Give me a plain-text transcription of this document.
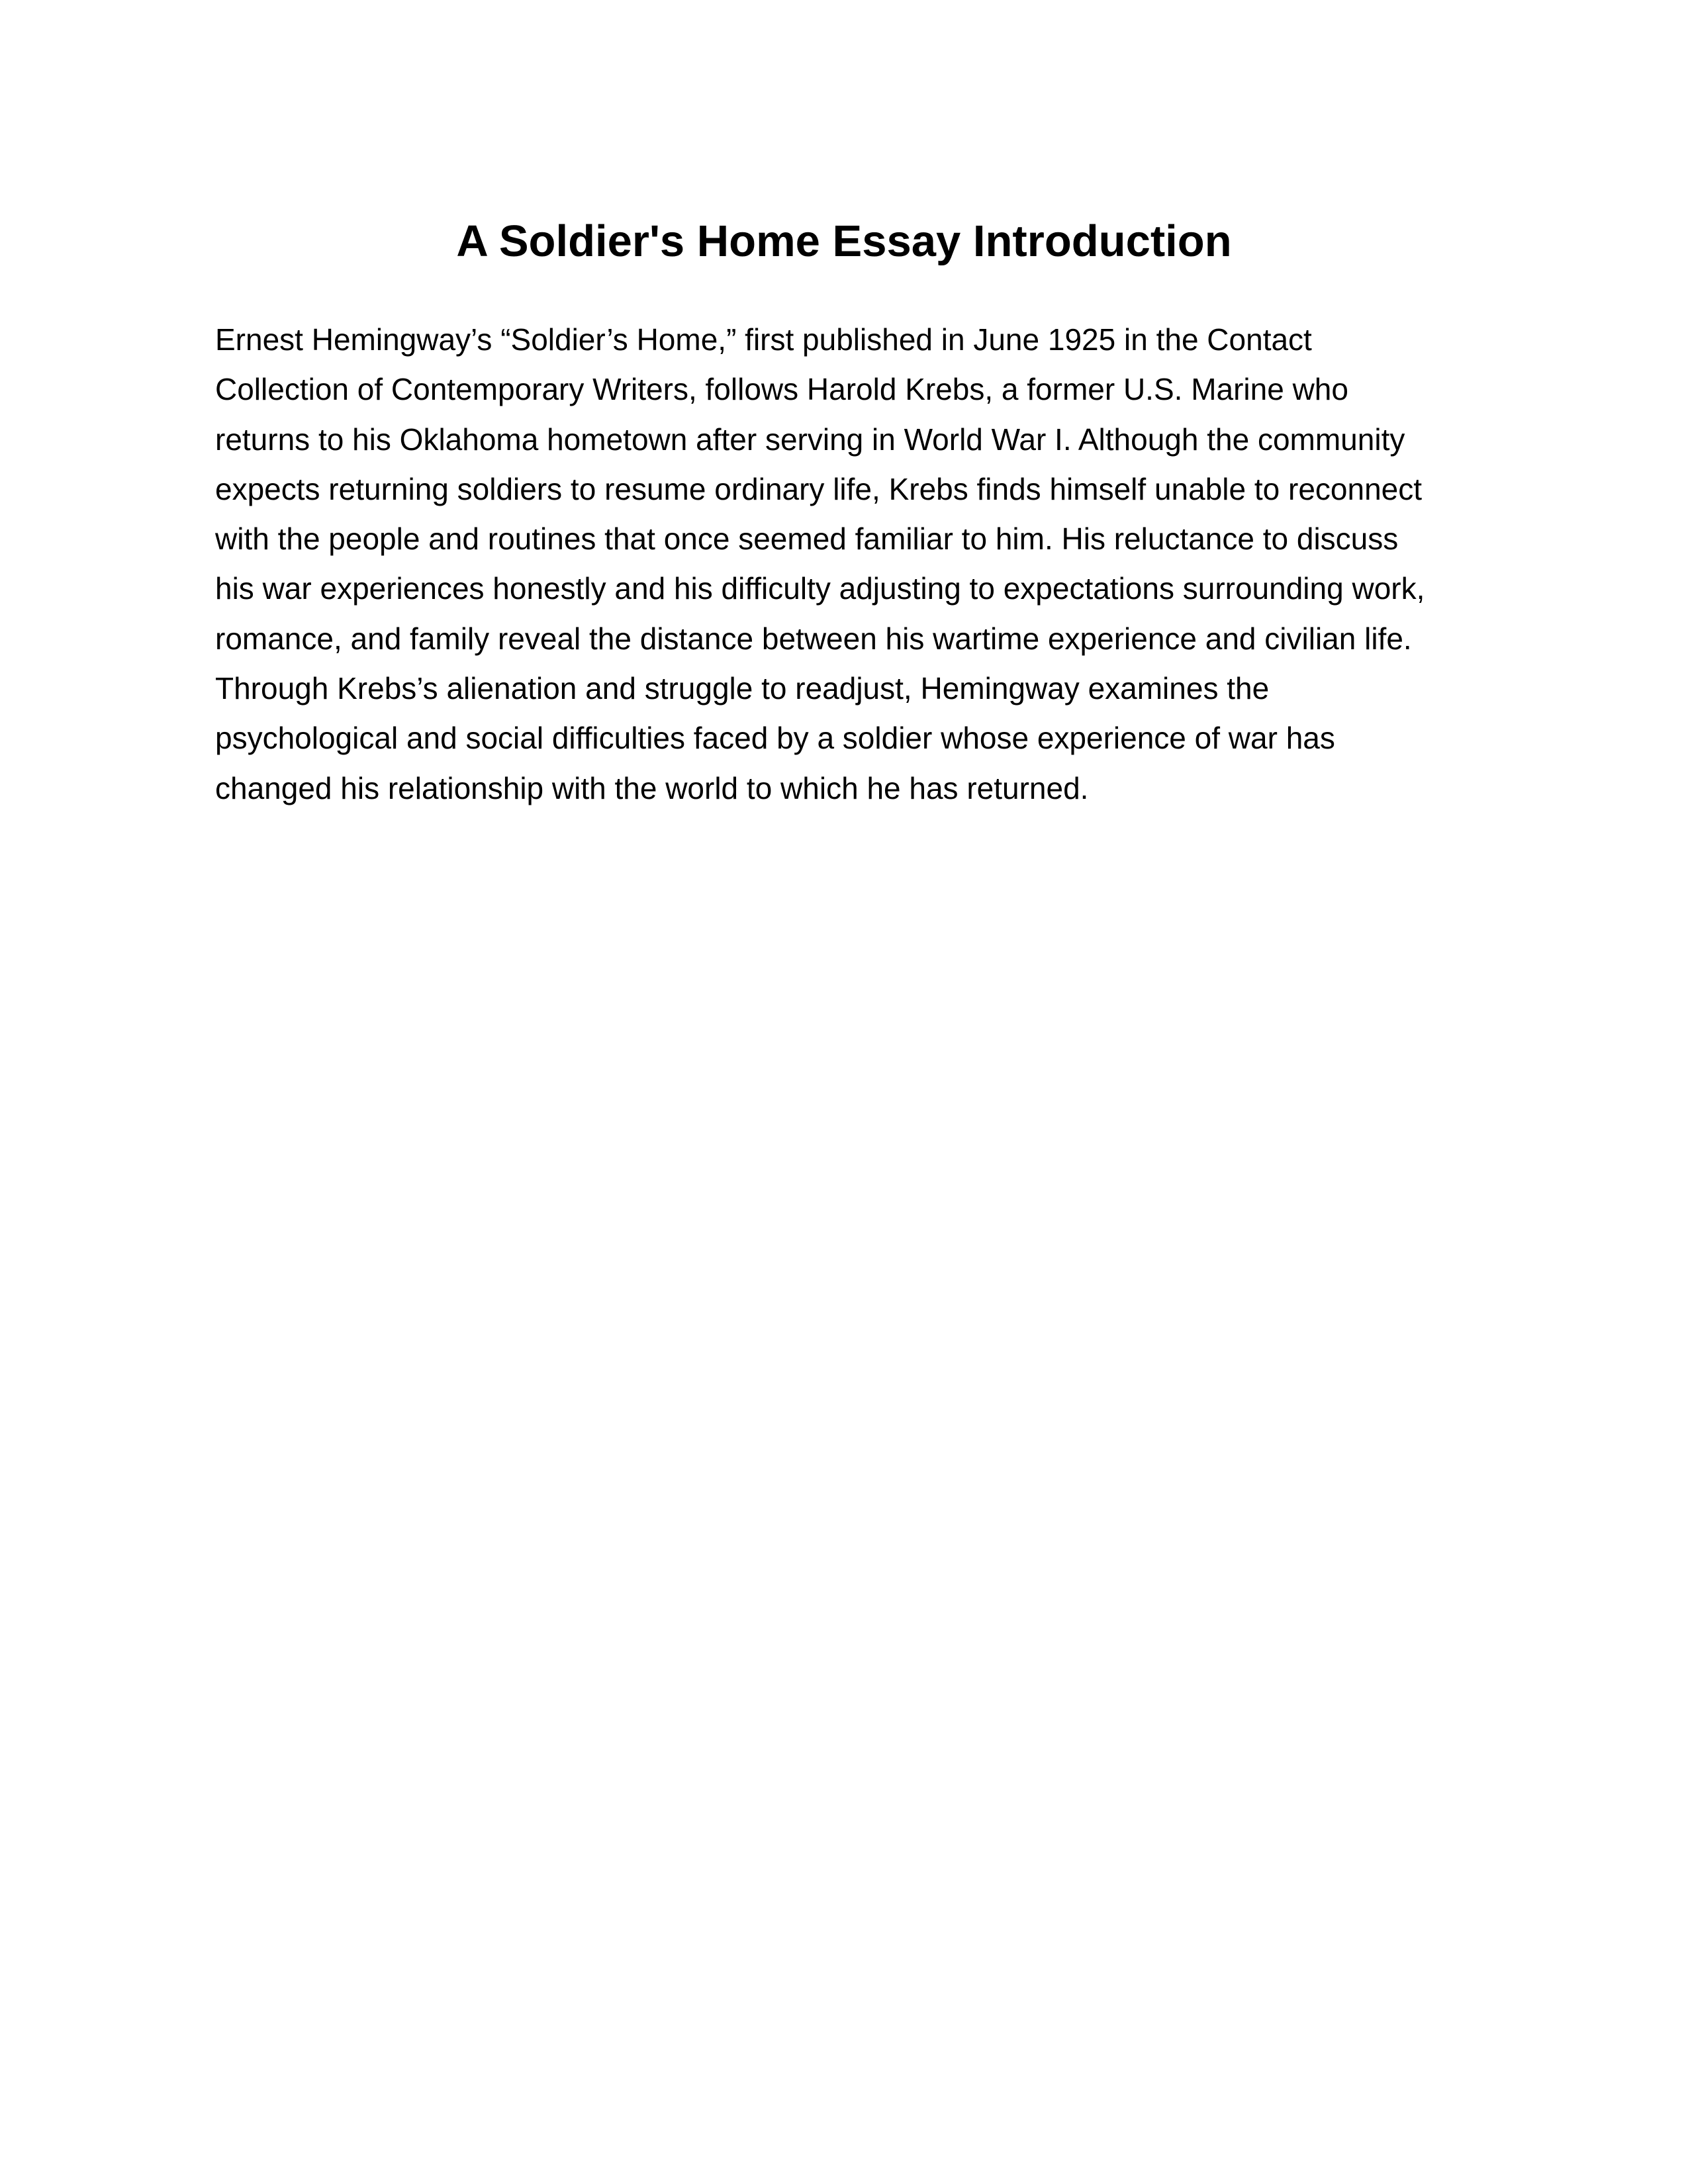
A Soldier's Home Essay Introduction
Ernest Hemingway’s “Soldier’s Home,” first published in June 1925 in the Contact
Collection of Contemporary Writers, follows Harold Krebs, a former U.S. Marine who
returns to his Oklahoma hometown after serving in World War I. Although the community
expects returning soldiers to resume ordinary life, Krebs finds himself unable to reconnect
with the people and routines that once seemed familiar to him. His reluctance to discuss
his war experiences honestly and his difficulty adjusting to expectations surrounding work,
romance, and family reveal the distance between his wartime experience and civilian life.
Through Krebs’s alienation and struggle to readjust, Hemingway examines the
psychological and social difficulties faced by a soldier whose experience of war has
changed his relationship with the world to which he has returned.
